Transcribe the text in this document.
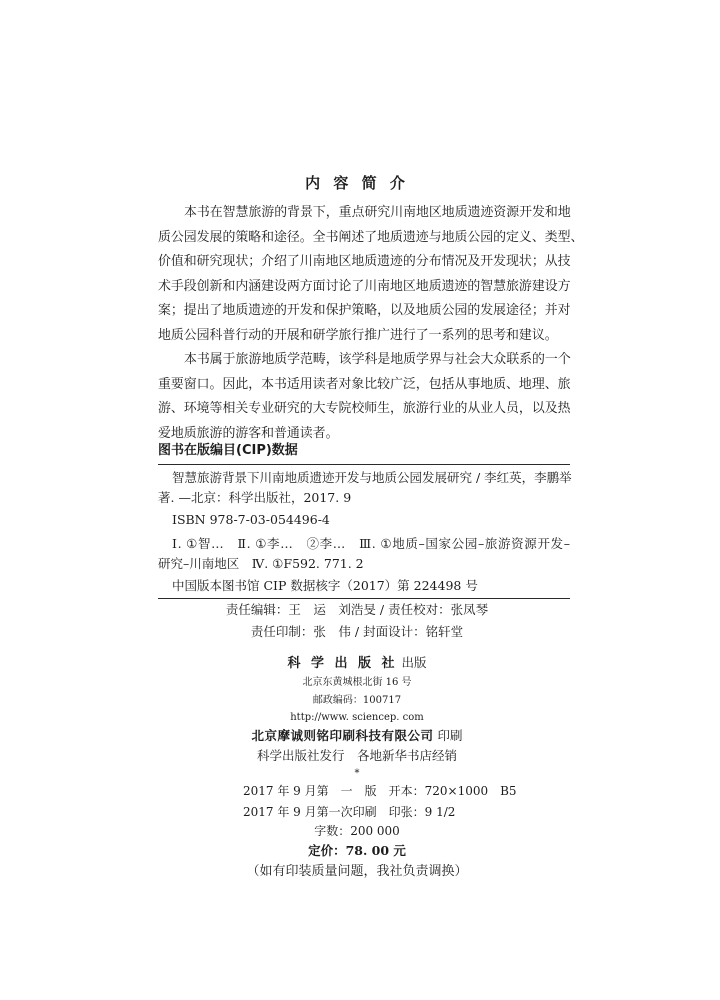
内 容 简 介
本书在智慧旅游的背景下，重点研究川南地区地质遗迹资源开发和地
质公园发展的策略和途径。全书阐述了地质遗迹与地质公园的定义、类型、
价值和研究现状；介绍了川南地区地质遗迹的分布情况及开发现状；从技
术手段创新和内涵建设两方面讨论了川南地区地质遗迹的智慧旅游建设方
案；提出了地质遗迹的开发和保护策略，以及地质公园的发展途径；并对
地质公园科普行动的开展和研学旅行推广进行了一系列的思考和建议。
本书属于旅游地质学范畴，该学科是地质学界与社会大众联系的一个
重要窗口。因此，本书适用读者对象比较广泛，包括从事地质、地理、旅
游、环境等相关专业研究的大专院校师生，旅游行业的从业人员，以及热
爱地质旅游的游客和普通读者。
图书在版编目(CIP)数据
智慧旅游背景下川南地质遗迹开发与地质公园发展研究 / 李红英，李鹏举
著. —北京：科学出版社，2017. 9
ISBN 978-7-03-054496-4
Ⅰ. ①智…　Ⅱ. ①李…　②李…　Ⅲ. ①地质–国家公园–旅游资源开发–
研究–川南地区　Ⅳ. ①F592. 771. 2
中国版本图书馆 CIP 数据核字（2017）第 224498 号
责任编辑：王　运　刘浩旻 / 责任校对：张凤琴
责任印制：张　伟 / 封面设计：铭轩堂
科 学 出 版 社 出版
北京东黄城根北街 16 号
邮政编码：100717
http://www. sciencep. com
北京摩诚则铭印刷科技有限公司 印刷
科学出版社发行　各地新华书店经销
*
2017 年 9 月第　一　版　开本：720×1000　B5
2017 年 9 月第一次印刷　印张：9 1/2
字数：200 000
定价：78. 00 元
（如有印装质量问题，我社负责调换）
